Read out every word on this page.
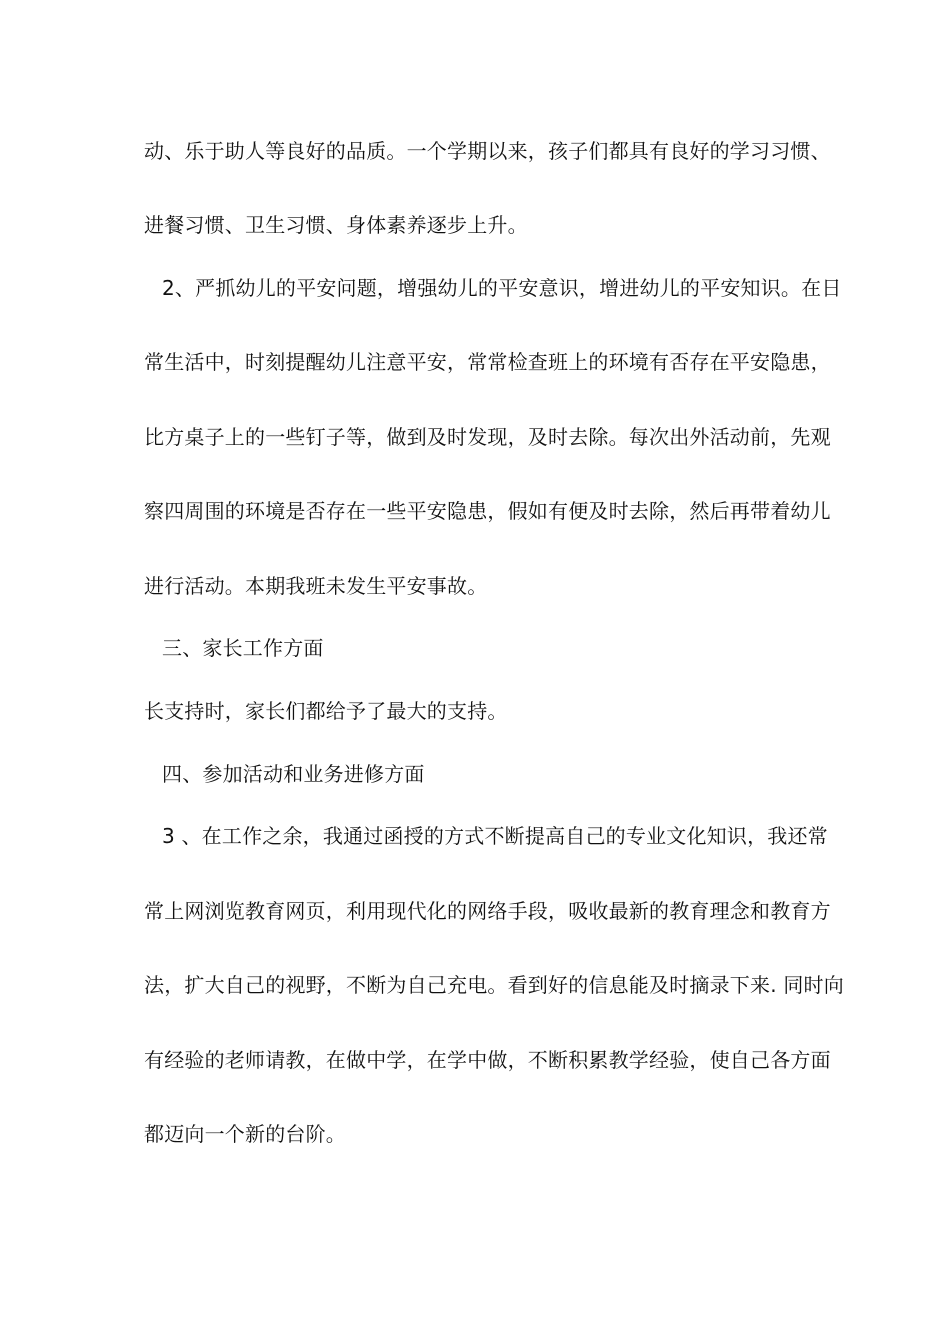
动、乐于助人等良好的品质。一个学期以来，孩子们都具有良好的学习习惯、
进餐习惯、卫生习惯、身体素养逐步上升。
2、严抓幼儿的平安问题，增强幼儿的平安意识，增进幼儿的平安知识。在日
常生活中，时刻提醒幼儿注意平安，常常检查班上的环境有否存在平安隐患，
比方桌子上的一些钉子等，做到及时发现，及时去除。每次出外活动前，先观
察四周围的环境是否存在一些平安隐患，假如有便及时去除，然后再带着幼儿
进行活动。本期我班未发生平安事故。
三、家长工作方面
长支持时，家长们都给予了最大的支持。
四、参加活动和业务进修方面
3 、在工作之余，我通过函授的方式不断提高自己的专业文化知识，我还常
常上网浏览教育网页，利用现代化的网络手段，吸收最新的教育理念和教育方
法，扩大自己的视野，不断为自己充电。看到好的信息能及时摘录下来. 同时向
有经验的老师请教，在做中学，在学中做，不断积累教学经验，使自己各方面
都迈向一个新的台阶。
